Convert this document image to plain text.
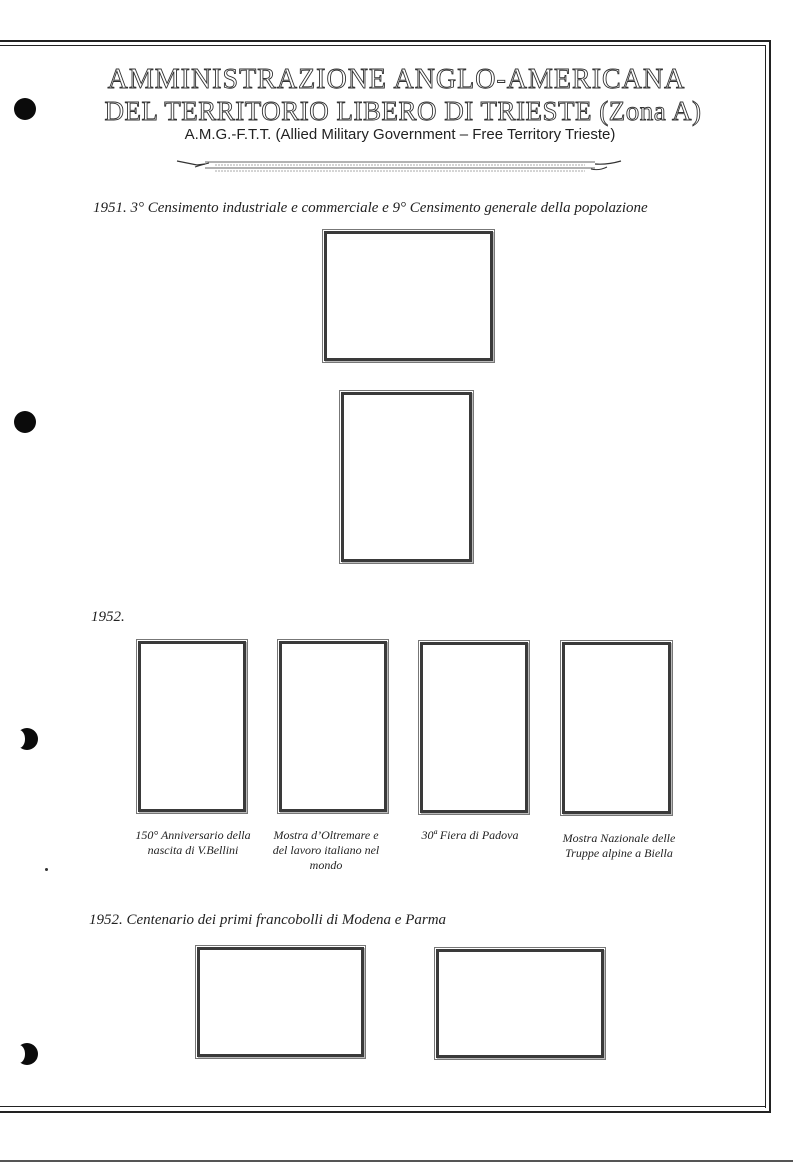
AMMINISTRAZIONE ANGLO-AMERICANA
DEL TERRITORIO LIBERO DI TRIESTE (Zona A)
A.M.G.-F.T.T. (Allied Military Government – Free Territory Trieste)
1951. 3° Censimento industriale e commerciale e 9° Censimento generale della popolazione
1952.
150° Anniversario della nascita di V.Bellini
Mostra d’Oltremare e del lavoro italiano nel mondo
30ª Fiera di Padova	Mostra Nazionale delle Truppe alpine a Biella
1952. Centenario dei primi francobolli di Modena e Parma
